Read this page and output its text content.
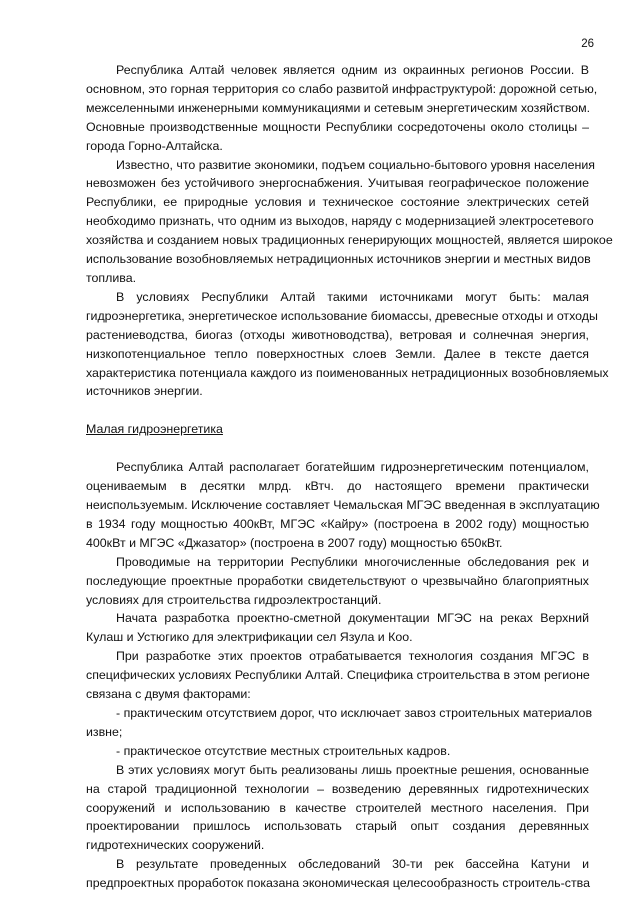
26
Республика Алтай человек является одним из окраинных регионов России. В
основном, это горная территория со слабо развитой инфраструктурой: дорожной сетью,
межселенными инженерными коммуникациями и сетевым энергетическим хозяйством.
Основные производственные мощности Республики сосредоточены около столицы –
города Горно-Алтайска.
Известно, что развитие экономики, подъем социально-бытового уровня населения
невозможен без устойчивого энергоснабжения. Учитывая географическое положение
Республики, ее природные условия и техническое состояние электрических сетей
необходимо признать, что одним из выходов, наряду с модернизацией электросетевого
хозяйства и созданием новых традиционных генерирующих мощностей, является широкое
использование возобновляемых нетрадиционных источников энергии и местных видов
топлива.
В условиях Республики Алтай такими источниками могут быть: малая
гидроэнергетика, энергетическое использование биомассы, древесные отходы и отходы
растениеводства, биогаз (отходы животноводства), ветровая и солнечная энергия,
низкопотенциальное тепло поверхностных слоев Земли. Далее в тексте дается
характеристика потенциала каждого из поименованных нетрадиционных возобновляемых
источников энергии.
Малая гидроэнергетика
Республика Алтай располагает богатейшим гидроэнергетическим потенциалом,
оцениваемым в десятки млрд. кВтч. до настоящего времени практически
неиспользуемым. Исключение составляет Чемальская МГЭС введенная в эксплуатацию
в 1934 году мощностью 400кВт, МГЭС «Кайру» (построена в 2002 году) мощностью
400кВт и МГЭС «Джазатор» (построена в 2007 году) мощностью 650кВт.
Проводимые на территории Республики многочисленные обследования рек и
последующие проектные проработки свидетельствуют о чрезвычайно благоприятных
условиях для строительства гидроэлектростанций.
Начата разработка проектно-сметной документации МГЭС на реках Верхний
Кулаш и Устюгико для электрификации сел Язула и Коо.
При разработке этих проектов отрабатывается технология создания МГЭС в
специфических условиях Республики Алтай. Специфика строительства в этом регионе
связана с двумя факторами:
- практическим отсутствием дорог, что исключает завоз строительных материалов
извне;
- практическое отсутствие местных строительных кадров.
В этих условиях могут быть реализованы лишь проектные решения, основанные
на старой традиционной технологии – возведению деревянных гидротехнических
сооружений и использованию в качестве строителей местного населения. При
проектировании пришлось использовать старый опыт создания деревянных
гидротехнических сооружений.
В результате проведенных обследований 30-ти рек бассейна Катуни и
предпроектных проработок показана экономическая целесообразность строитель-ства
